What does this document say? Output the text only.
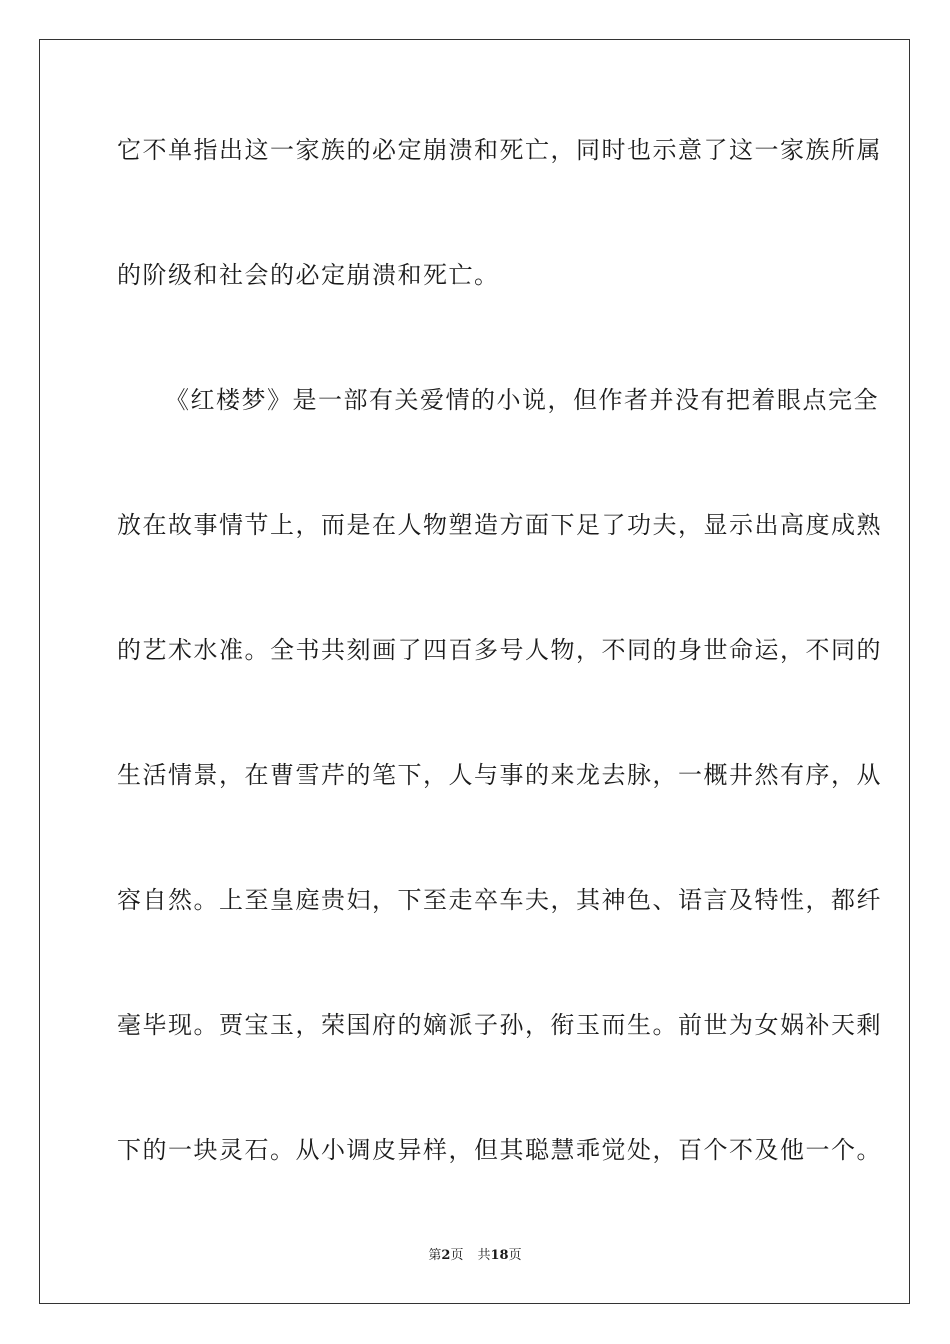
它不单指出这一家族的必定崩溃和死亡，同时也示意了这一家族所属
的阶级和社会的必定崩溃和死亡。
《红楼梦》是一部有关爱情的小说，但作者并没有把着眼点完全
放在故事情节上，而是在人物塑造方面下足了功夫，显示出高度成熟
的艺术水准。全书共刻画了四百多号人物，不同的身世命运，不同的
生活情景，在曹雪芹的笔下，人与事的来龙去脉，一概井然有序，从
容自然。上至皇庭贵妇，下至走卒车夫，其神色、语言及特性，都纤
毫毕现。贾宝玉，荣国府的嫡派子孙，衔玉而生。前世为女娲补天剩
下的一块灵石。从小调皮异样，但其聪慧乖觉处，百个不及他一个。
第2页 共18页
